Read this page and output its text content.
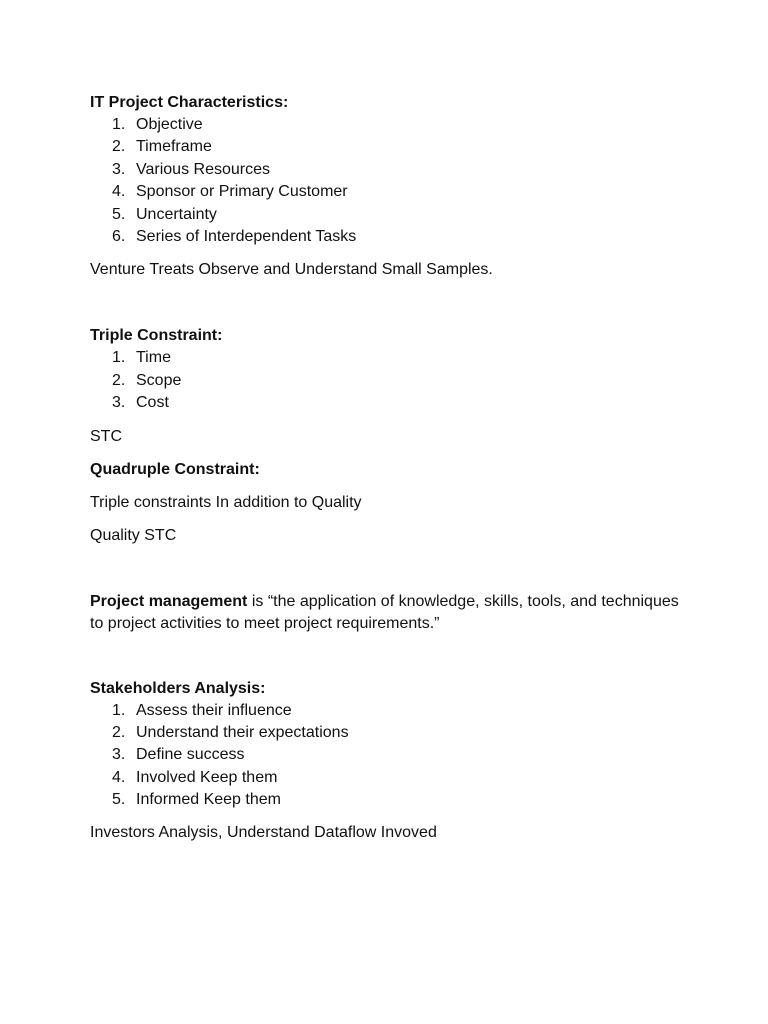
IT Project Characteristics:

1. Objective
2. Timeframe
3. Various Resources
4. Sponsor or Primary Customer
5. Uncertainty
6. Series of Interdependent Tasks

Venture Treats Observe and Understand Small Samples.

Triple Constraint:

1. Time
2. Scope
3. Cost

STC

Quadruple Constraint:

Triple constraints In addition to Quality

Quality STC

Project management is “the application of knowledge, skills, tools, and techniques to project activities to meet project requirements.”

Stakeholders Analysis:

1. Assess their influence
2. Understand their expectations
3. Define success
4. Involved Keep them
5. Informed Keep them

Investors Analysis, Understand Dataflow Invoved
